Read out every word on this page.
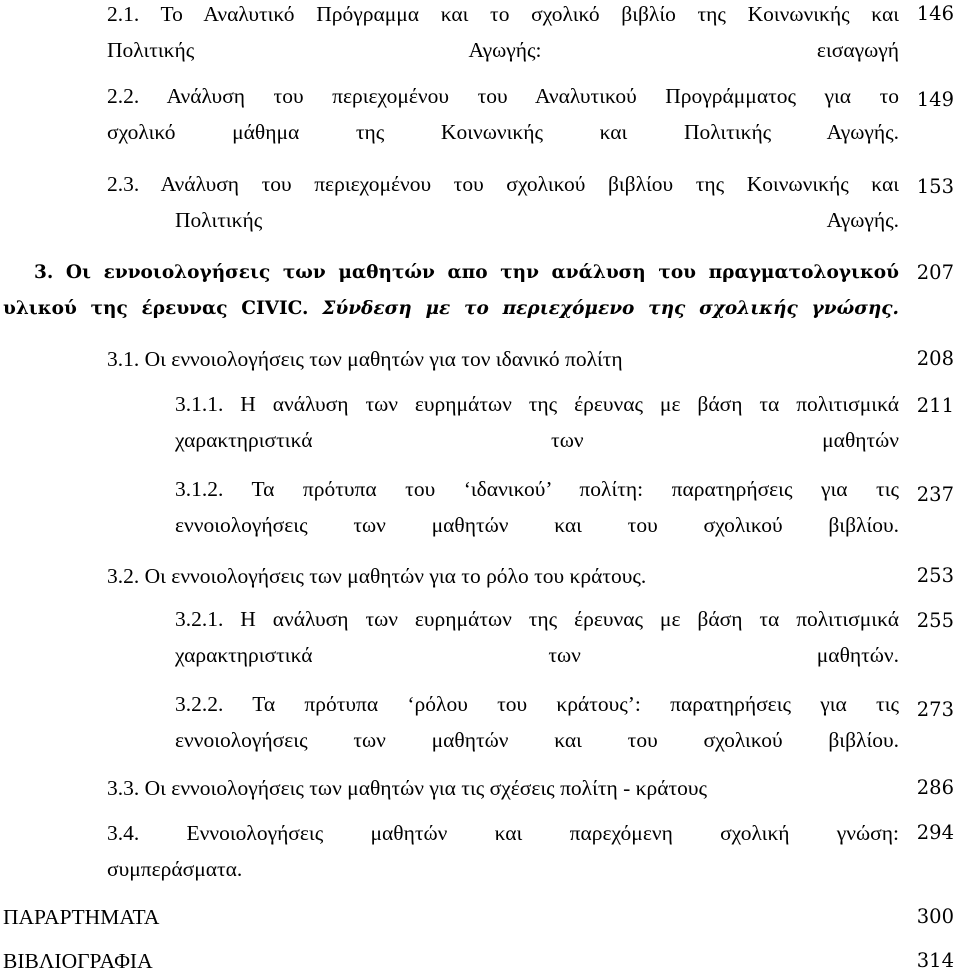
2.1. Το Αναλυτικό Πρόγραμμα και το σχολικό βιβλίο της Κοινωνικής και
Πολιτικής Αγωγής: εισαγωγή
146
2.2. Ανάλυση του περιεχομένου του Αναλυτικού Προγράμματος για το
σχολικό μάθημα της Κοινωνικής και Πολιτικής Αγωγής.
149
2.3. Ανάλυση του περιεχομένου του σχολικού βιβλίου της Κοινωνικής και
Πολιτικής Αγωγής.
153
3. Οι εννοιολογήσεις των μαθητών απο την ανάλυση του πραγματολογικού
υλικού της έρευνας CIVIC. Σύνδεση με το περιεχόμενο της σχολικής γνώσης.
207
3.1. Οι εννοιολογήσεις των μαθητών για τον ιδανικό πολίτη	208
3.1.1. Η ανάλυση των ευρημάτων της έρευνας με βάση τα πολιτισμικά
χαρακτηριστικά των μαθητών
211
3.1.2. Τα πρότυπα του ‘ιδανικού’ πολίτη: παρατηρήσεις για τις
εννοιολογήσεις των μαθητών και του σχολικού βιβλίου.
237
3.2. Οι εννοιολογήσεις των μαθητών για το ρόλο του κράτους.	253
3.2.1. Η ανάλυση των ευρημάτων της έρευνας με βάση τα πολιτισμικά
χαρακτηριστικά των μαθητών.
255
3.2.2. Τα πρότυπα ‘ρόλου του κράτους’: παρατηρήσεις για τις
εννοιολογήσεις των μαθητών και του σχολικού βιβλίου.
273
3.3. Οι εννοιολογήσεις των μαθητών για τις σχέσεις πολίτη - κράτους	286
3.4. Εννοιολογήσεις μαθητών και παρεχόμενη σχολική γνώση:
συμπεράσματα.
294
ΠΑΡΑΡΤΗΜΑΤΑ	300
ΒΙΒΛΙΟΓΡΑΦΙΑ	314
